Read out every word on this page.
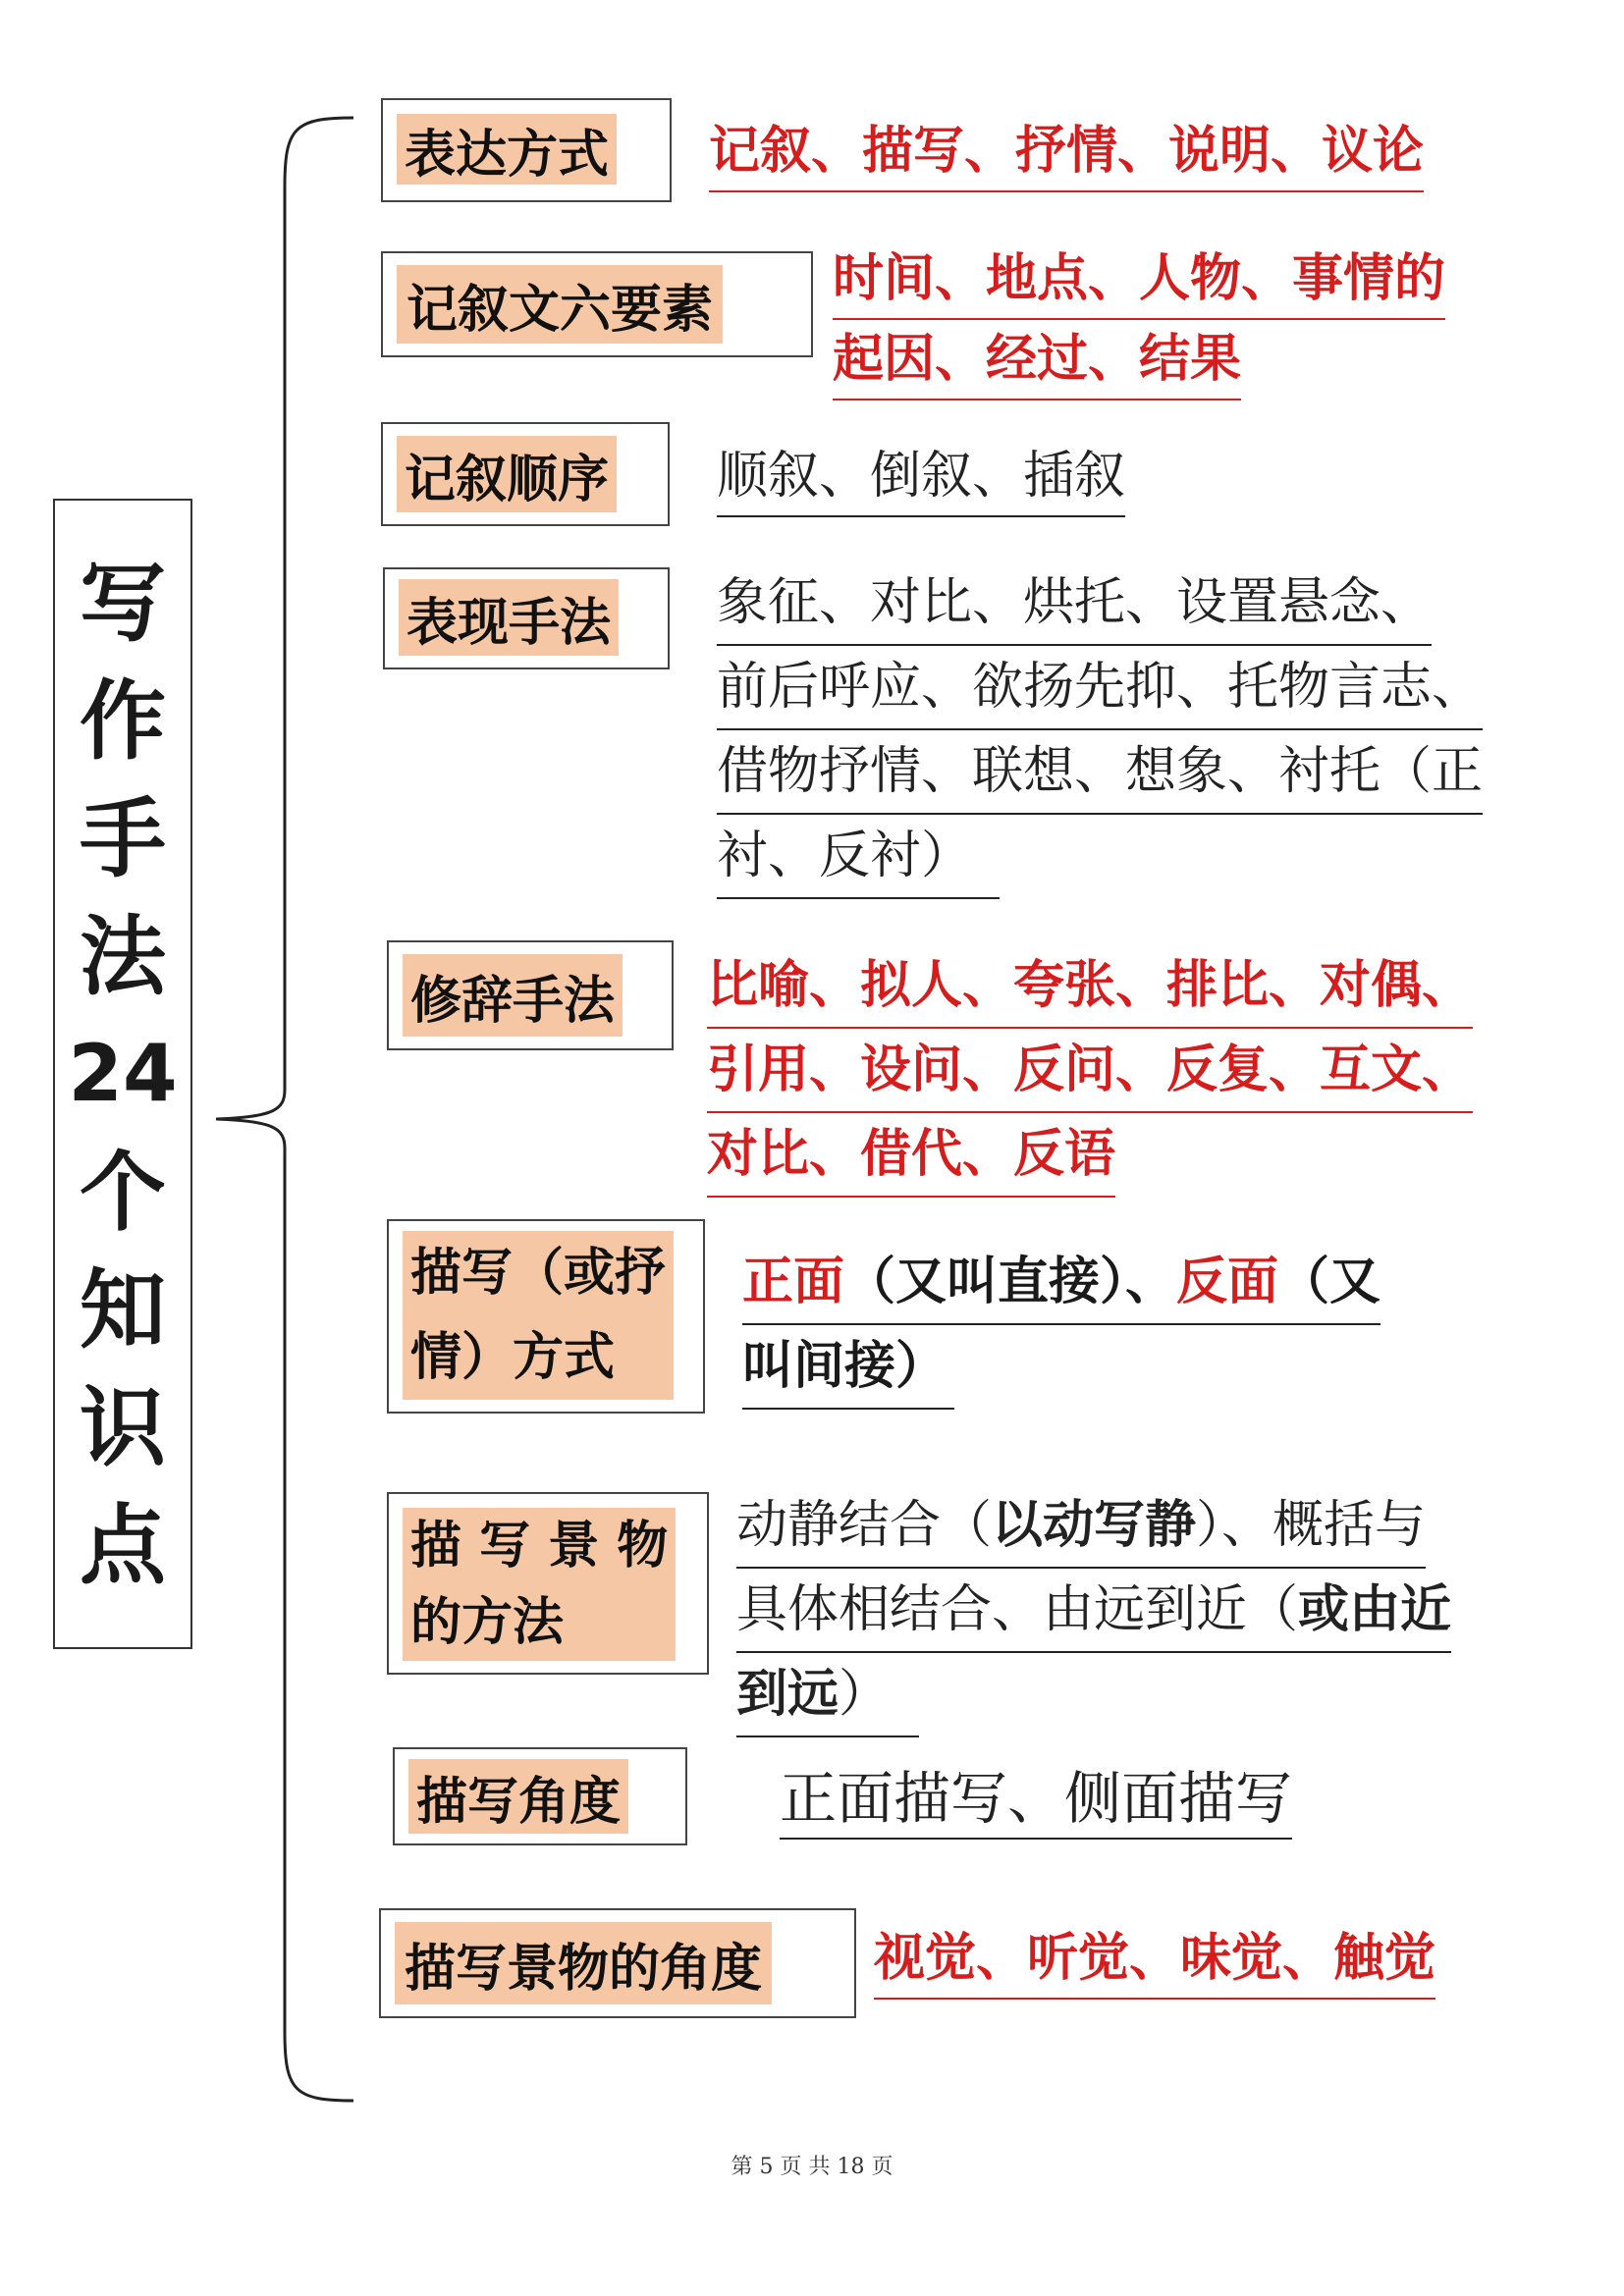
写
作
手
法
24
个
知
识
点
表达方式 记叙、描写、抒情、说明、议论
记叙文六要素
时间、地点、人物、事情的
起因、经过、结果
记叙顺序 顺叙、倒叙、插叙
表现手法 象征、对比、烘托、设置悬念、
前后呼应、欲扬先抑、托物言志、
借物抒情、联想、想象、衬托（正
衬、反衬）
修辞手法 比喻、拟人、夸张、排比、对偶、
引用、设问、反问、反复、互文、
对比、借代、反语
描写（或抒
情）方式
正面（又叫直接）、反面（又
叫间接）
描 写 景 物
的方法
动静结合（以动写静）、概括与
具体相结合、由远到近（或由近
到远）
描写角度	正面描写、侧面描写
描写景物的角度 视觉、听觉、味觉、触觉
第 5 页 共 18 页
